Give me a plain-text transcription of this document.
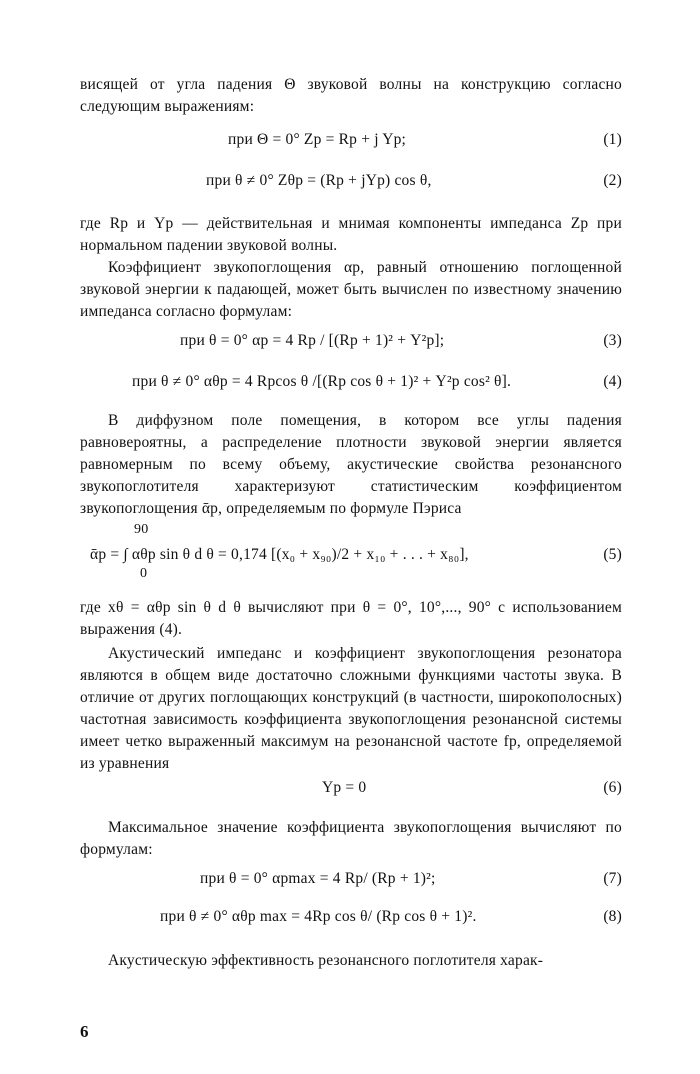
висящей от угла падения Θ звуковой волны на конструкцию согласно следующим выражениям:

при Θ = 0° Zр = Rр + j Yр;	(1)
при θ ≠ 0° Zθр = (Rр + jYр) cos θ,	(2)

где Rр и Yр — действительная и мнимая компоненты импеданса Zр при нормальном падении звуковой волны.

Коэффициент звукопоглощения αр, равный отношению поглощенной звуковой энергии к падающей, может быть вычислен по известному значению импеданса согласно формулам:

при θ = 0° αр = 4 Rр / [(Rр + 1)² + Y²р];	(3)
при θ ≠ 0° αθр = 4 Rрcos θ /[(Rр cos θ + 1)² + Y²р cos² θ].	(4)

В диффузном поле помещения, в котором все углы падения равновероятны, а распределение плотности звуковой энергии является равномерным по всему объему, акустические свойства резонансного звукопоглотителя характеризуют статистическим коэффициентом звукопоглощения ᾱр, определяемым по формуле Пэриса

90
ᾱр = ∫ αθр sin θ d θ = 0,174 [(x₀ + x₉₀)/2 + x₁₀ + . . . + x₈₀],
0
(5)

где xθ = αθр sin θ d θ вычисляют при θ = 0°, 10°,..., 90° с использованием выражения (4).

Акустический импеданс и коэффициент звукопоглощения резонатора являются в общем виде достаточно сложными функциями частоты звука. В отличие от других поглощающих конструкций (в частности, широкополосных) частотная зависимость коэффициента звукопоглощения резонансной системы имеет четко выраженный максимум на резонансной частоте fр, определяемой из уравнения

Yр = 0	(6)

Максимальное значение коэффициента звукопоглощения вычисляют по формулам:

при θ = 0° αрmax = 4 Rр/ (Rр + 1)²;	(7)
при θ ≠ 0° αθр max = 4Rр cos θ/ (Rр cos θ + 1)².	(8)

Акустическую эффективность резонансного поглотителя харак-

6
